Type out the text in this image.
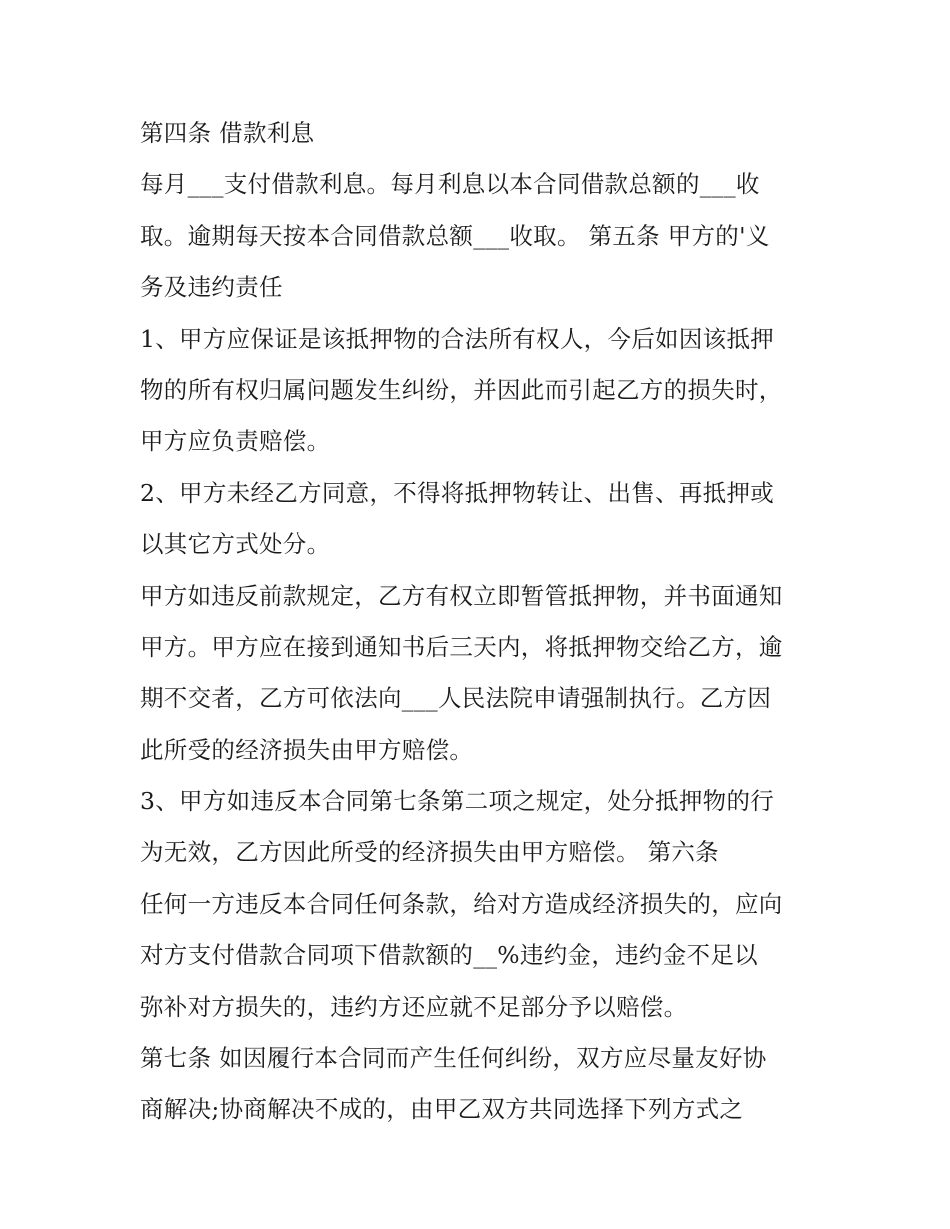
第四条 借款利息
每月___支付借款利息。每月利息以本合同借款总额的___收
取。逾期每天按本合同借款总额___收取。 第五条 甲方的'义
务及违约责任
1、甲方应保证是该抵押物的合法所有权人，今后如因该抵押
物的所有权归属问题发生纠纷，并因此而引起乙方的损失时，
甲方应负责赔偿。
2、甲方未经乙方同意，不得将抵押物转让、出售、再抵押或
以其它方式处分。
甲方如违反前款规定，乙方有权立即暂管抵押物，并书面通知
甲方。甲方应在接到通知书后三天内，将抵押物交给乙方，逾
期不交者，乙方可依法向___人民法院申请强制执行。乙方因
此所受的经济损失由甲方赔偿。
3、甲方如违反本合同第七条第二项之规定，处分抵押物的行
为无效，乙方因此所受的经济损失由甲方赔偿。 第六条
任何一方违反本合同任何条款，给对方造成经济损失的，应向
对方支付借款合同项下借款额的__%违约金，违约金不足以
弥补对方损失的，违约方还应就不足部分予以赔偿。
第七条 如因履行本合同而产生任何纠纷，双方应尽量友好协
商解决;协商解决不成的，由甲乙双方共同选择下列方式之
